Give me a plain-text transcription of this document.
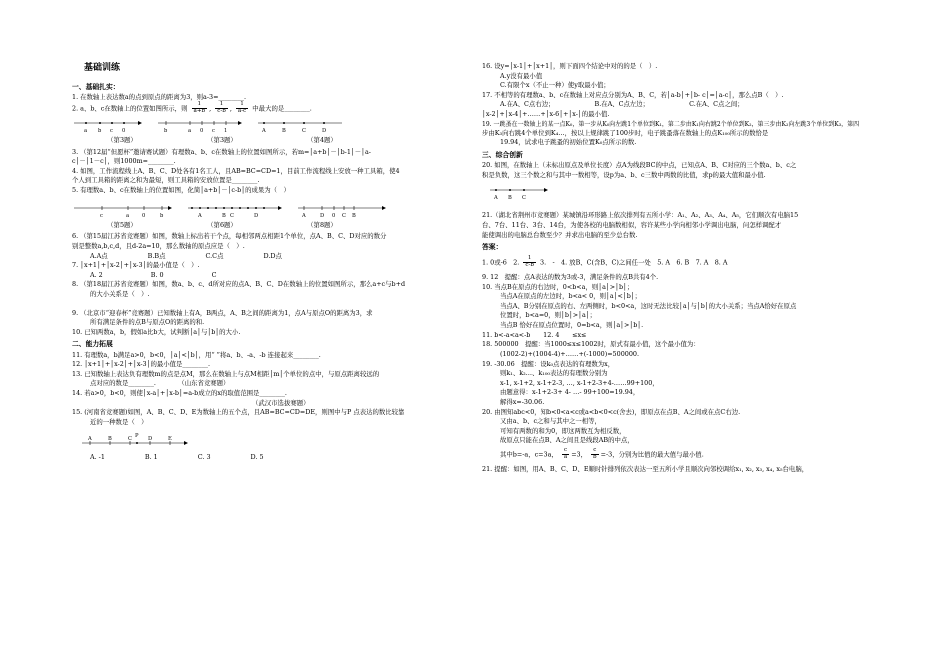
基础训练
一、基础扎实：

1. 在数轴上表达数a的点到原点的距离为3，则a-3=________.

2. a、b、c在数轴上的位置如图所示，则 $\frac{1}{a+b}$ , $\frac{1}{c-b}$ , $\frac{1}{a-c}$ 中最大的是________.

a b c 0	b	a 0 c 1	A	B	C	D
（第3题）	（第3题）	（第4题）

3. （第12届“但愿杯”邀请赛试题）有理数a、b、c在数轴上的位置如图所示，若m=│a+b│－│b-1│－│a-

c│－│1－c│，则1000m=________.

4. 如图，工作流程线上A、B、C、D处各有1名工人，且AB=BC=CD=1，目前工作流程线上安放一种工具箱，使4

个人到工具箱的距离之和为最短，则工具箱的安放位置是________.

5. 有理数a、b、c在数轴上的位置如图，化简│a+b│－│c-b│的成果为（　）

c	a 0	b	A	B C	D	A	D 0 C B
（第5题）	（第6题）	（第8题）

6. （第15届江苏省竞赛题）如图，数轴上标出若干个点，每相邻两点相距1个单位，点A、B、C、D对应的数分

别是整数a,b,c,d，且d-2a=10，那么数轴的原点应是（　）.

A.A点	B.B点	C.C点	D.D点

7. │x+1│+│x-2│+│x-3│的最小值是（　）.

A. 2	B. 0	C

8. （第18届江苏省竞赛题）如图，数a、b、c、d所对应的点A、B、C、D在数轴上的位置如图所示，那么a+c与b+d

的大小关系是（　）.

9. （北京市“迎春杯”竞赛题）已知数轴上有A，B两点，A、B之间的距离为1，点A与原点O的距离为3，求

所有满足条件的点B与原点O的距离的和.

10. 已知两数a，b，假如a比b大，试判断│a│与│b│的大小.

二、能力拓展

11. 有理数a，b满足a>0，b<0，│a│<│b│，用“ ”将a、b、-a、-b 连接起来________.

12. │x+1│+│x-2│+│x-3│的最小值是________.

13. 已知数轴上表达负有理数m的点是点M，那么在数轴上与点M相距│m│个单位的点中，与原点距离较远的

点对应的数是________.　　　　（山东省竞赛题）

14. 若a>0，b<0，则使│x-a│+│x-b│=a-b成立的x的取值范围是________.

（武汉市选拔赛题）

15. (河南省竞赛题)如图，A、B、C、D、E为数轴上的五个点，且AB=BC=CD=DE，则图中与P 点表达的数比较靠

近的一种数是（　）

A	B	C P D	E
A. -1	B. 1	C. 3	D. 5

16. 设y=│x-1│+│x+1│，则下面四个结论中对的的是（　）.

A.y没有最小值

C.有限个x（不止一种）使y取最小值；

17. 不相等的有理数a、b、c在数轴上对应点分别为A、B、C，若│a-b│+│b- c│=│a-c│，那么点B（　）.

A.在A、C点右边；	B.在A、C点左边；	C.在A、C点之间；

│x-2│+│x-4│+……+│x-6│+│x-│的最小值.

19. 一跳蚤在一数轴上的某一点K₀，第一步从K₀向左跳1个单位到K₁，第二步由K₁向右跳2个单位到K₂，第三步由K₂向左跳3个单位到K₃，第四

步由K₃向右跳4个单位到K₄…，按以上规律跳了100步时，电子跳蚤落在数轴上的点K₁₀₀所示的数恰是

19.94，试求电子跳蚤的初始位置K₀点所示的数.

三、综合创新

20. 如图，在数轴上（未标出原点及单位长度）点A为线段BC的中点，已知点A、B、C对应的三个数a、b、c之

积是负数，这三个数之和与其中一数相等，设p为a、b、c三数中两数的比值，求p的最大值和最小值.

A B C

21.（湖北省荆州市竞赛题）某城镇沿环形路上依次排列有五所小学：A₁、A₂、A₃、A₄、A₅，它们顺次有电脑15

台、7台、11台、3台、14台，为使各校的电脑数相似，容许某些小学向相邻小学调出电脑，问怎样调配才

能使调出的电脑总台数至少？并求出电脑的至少总台数.

答案：

1. 0或-6　2. $\frac{1}{c-b} 3$.　-　4. 放B、C(含B、C)之间任一处　5. A　6. B　7. A　8. A

9. 12　提醒：点A表达的数为3或-3，满足条件的点B共有4个.

10. 当点B在原点的右边时，0<b<a，则│a│>│b│；

当点A在原点的左边时，b<a< 0，则│a│<│b│；

当点A、B分别在原点的右、左两侧时，b<0<a，这时无法比较│a│与│b│的大小关系；当点A恰好在原点

位置时，b<a=0，则│b│>│a│；

当点B 恰好在原点位置时，0=b<a，则│a│>│b│.

11. b<-a<a<-b　　12. 4　　≤x≤

18. 500000　提醒：当1000≤x≤1002时，原式有最小值，这个最小值为：

(1002-2)+(1004-4)+……+(-1000)=500000.

19. -30.06　提醒：设k₀点表达的有理数为x，

则k₁、k₂…、k₁₀₀表达的有理数分别为

x-1, x-1+2, x-1+2-3, …, x-1+2-3+4-……99+100，

由题意得：x-1+2-3+ 4- …- 99+100=19.94，

解得x=-30.06.

20. 由图知abc<0，知b<0<a<c或a<b<0<c(舍去)，即原点在点B、A之间或在点C右边.

又由a、b、c之和与其中之一相等，

可知有两数的和为0，即这两数互为相反数，

故原点只能在点B、A之间且是线段AB的中点，

其中b=-a，c=3a， $\frac{c}{a} =3$， $\frac{c}{b} =-3$，分别为比值的最大值与最小值.

21. 提醒：如图，用A、B、C、D、E顺时针排列依次表达一至五所小学且顺次向邻校调给x₁, x₂, x₃, x₄, x₅台电脑，
